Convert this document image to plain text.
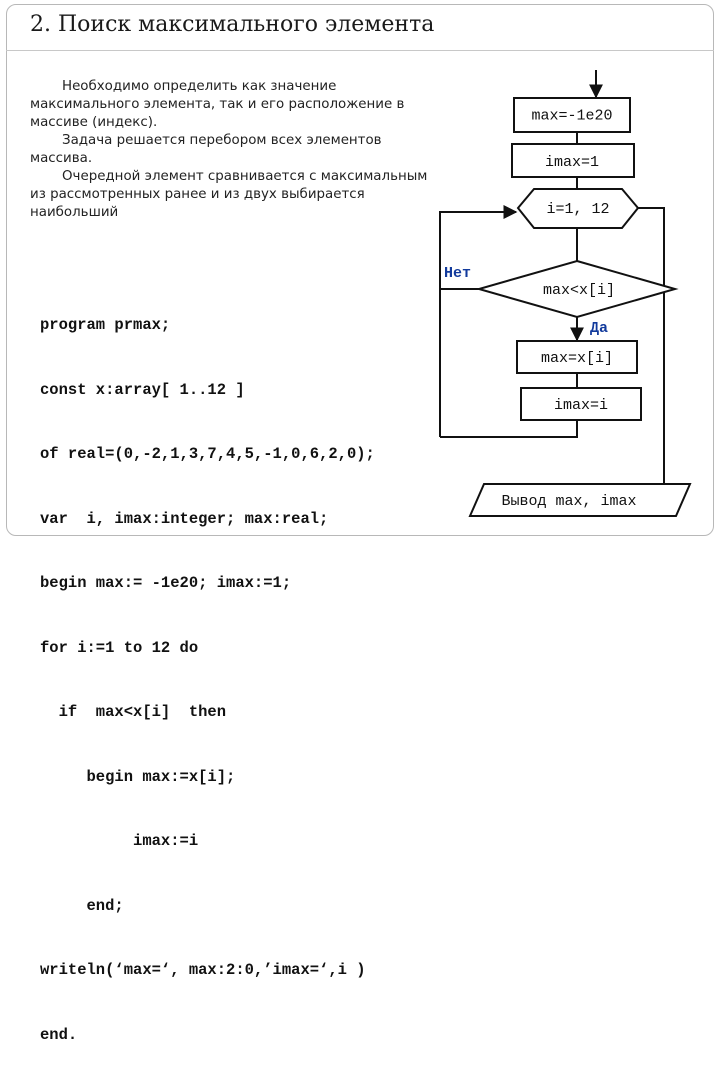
2. Поиск максимального элемента

Необходимо определить как значение максимального элемента, так и его расположение в массиве (индекс).

Задача решается перебором всех элементов массива.

Очередной элемент сравнивается с максимальным из рассмотренных ранее и из двух выбирается наибольший

program prmax;

const x:array[ 1..12 ]

of real=(0,-2,1,3,7,4,5,-1,0,6,2,0);

var  i, imax:integer; max:real;

begin max:= -1e20; imax:=1;

for i:=1 to 12 do

if  max<x[i]  then

begin max:=x[i];

imax:=i

end;

writeln(‘max=‘, max:2:0,’imax=‘,i )

end.

max=-1e20
imax=1
i=1, 12
max<x[i]
Нет
Да
max=x[i]
imax=i
Вывод max, imax
